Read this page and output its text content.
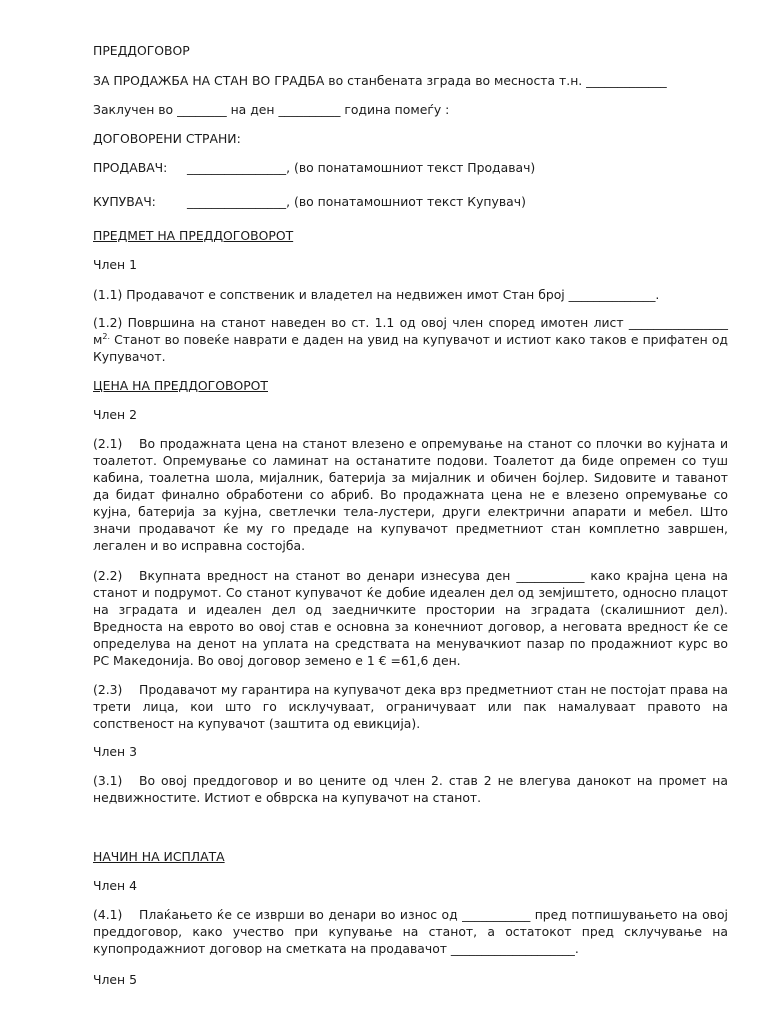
ПРЕДДОГОВОР

ЗА ПРОДАЖБА НА СТАН ВО ГРАДБА во станбената зграда во месноста т.н. _____________

Заклучен во ________ на ден __________ година помеѓу :

ДОГОВОРЕНИ СТРАНИ:

ПРОДАВАЧ: ________________, (во понатамошниот текст Продавач)

КУПУВАЧ:	________________, (во понатамошниот текст Купувач)

ПРЕДМЕТ НА ПРЕДДОГОВОРОТ

Член 1

(1.1) Продавачот е сопственик и владетел на недвижен имот Стан број ______________.

(1.2) Површина на станот наведен во ст. 1.1 од овој член според имотен лист ________________ $м^{2.}$ Станот во повеќе наврати е даден на увид на купувачот и истиот како таков е прифатен од Купувачот.

ЦЕНА НА ПРЕДДОГОВОРОТ

Член 2

(2.1) Во продажната цена на станот влезено е опремување на станот со плочки во кујната и тоалетот. Опремување со ламинат на останатите подови. Тоалетот да биде опремен со туш кабина, тоалетна шола, мијалник, батерија за мијалник и обичен бојлер. Ѕидовите и таванот да бидат финално обработени со абриб. Во продажната цена не е влезено опремување со кујна, батерија за кујна, светлечки тела-лустери, други електрични апарати и мебел. Што значи продавачот ќе му го предаде на купувачот предметниот стан комплетно завршен, легален и во исправна состојба.

(2.2) Вкупната вредност на станот во денари изнесува ден ___________ како крајна цена на станот и подрумот. Со станот купувачот ќе добие идеален дел од земјиштето, односно плацот на зградата и идеален дел од заедничките простории на зградата (скалишниот дел). Вредноста на еврото во овој став е основна за конечниот договор, а неговата вредност ќе се определува на денот на уплата на средствата на менувачкиот пазар по продажниот курс во РС Македонија. Во овој договор земено е 1 € =61,6 ден.

(2.3) Продавачот му гарантира на купувачот дека врз предметниот стан не постојат права на трети лица, кои што го исклучуваат, ограничуваат или пак намалуваат правото на сопственост на купувачот (заштита од евикција).

Член 3

(3.1) Во овој преддоговор и во цените од член 2. став 2 не влегува данокот на промет на недвижностите. Истиот е обврска на купувачот на станот.

НАЧИН НА ИСПЛАТА

Член 4

(4.1) Плаќањето ќе се изврши во денари во износ од ___________ пред потпишувањето на овој преддоговор, како учество при купување на станот, а остатокот пред склучување на купопродажниот договор на сметката на продавачот ____________________.

Член 5
